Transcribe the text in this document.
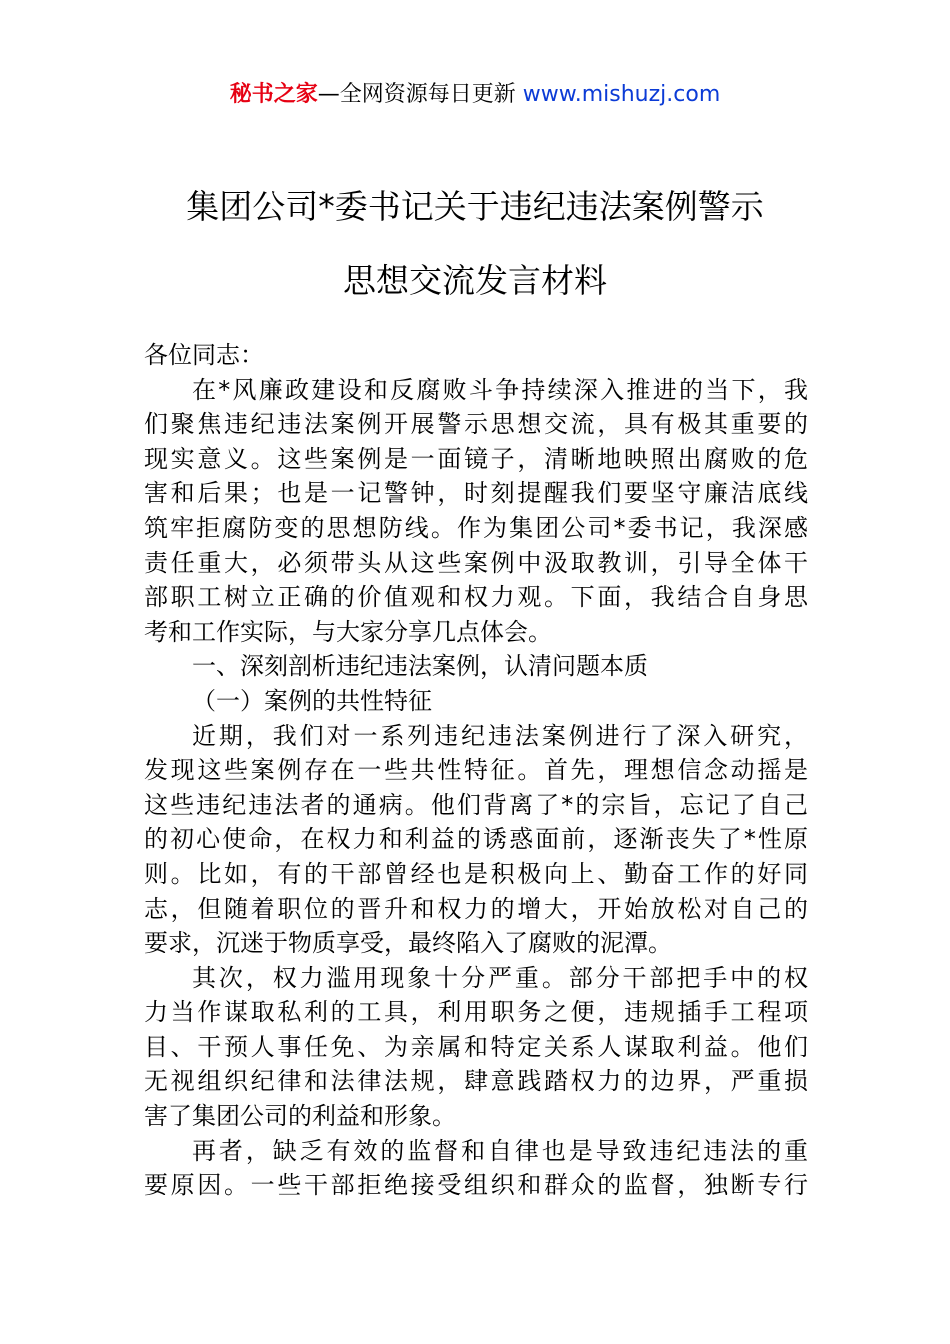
秘书之家—全网资源每日更新 www.mishuzj.com
集团公司*委书记关于违纪违法案例警示
思想交流发言材料
各位同志：
在*风廉政建设和反腐败斗争持续深入推进的当下，我
们聚焦违纪违法案例开展警示思想交流，具有极其重要的
现实意义。这些案例是一面镜子，清晰地映照出腐败的危
害和后果；也是一记警钟，时刻提醒我们要坚守廉洁底线
筑牢拒腐防变的思想防线。作为集团公司*委书记，我深感
责任重大，必须带头从这些案例中汲取教训，引导全体干
部职工树立正确的价值观和权力观。下面，我结合自身思
考和工作实际，与大家分享几点体会。
一、深刻剖析违纪违法案例，认清问题本质
（一）案例的共性特征
近期，我们对一系列违纪违法案例进行了深入研究，
发现这些案例存在一些共性特征。首先，理想信念动摇是
这些违纪违法者的通病。他们背离了*的宗旨，忘记了自己
的初心使命，在权力和利益的诱惑面前，逐渐丧失了*性原
则。比如，有的干部曾经也是积极向上、勤奋工作的好同
志，但随着职位的晋升和权力的增大，开始放松对自己的
要求，沉迷于物质享受，最终陷入了腐败的泥潭。
其次，权力滥用现象十分严重。部分干部把手中的权
力当作谋取私利的工具，利用职务之便，违规插手工程项
目、干预人事任免、为亲属和特定关系人谋取利益。他们
无视组织纪律和法律法规，肆意践踏权力的边界，严重损
害了集团公司的利益和形象。
再者，缺乏有效的监督和自律也是导致违纪违法的重
要原因。一些干部拒绝接受组织和群众的监督，独断专行
